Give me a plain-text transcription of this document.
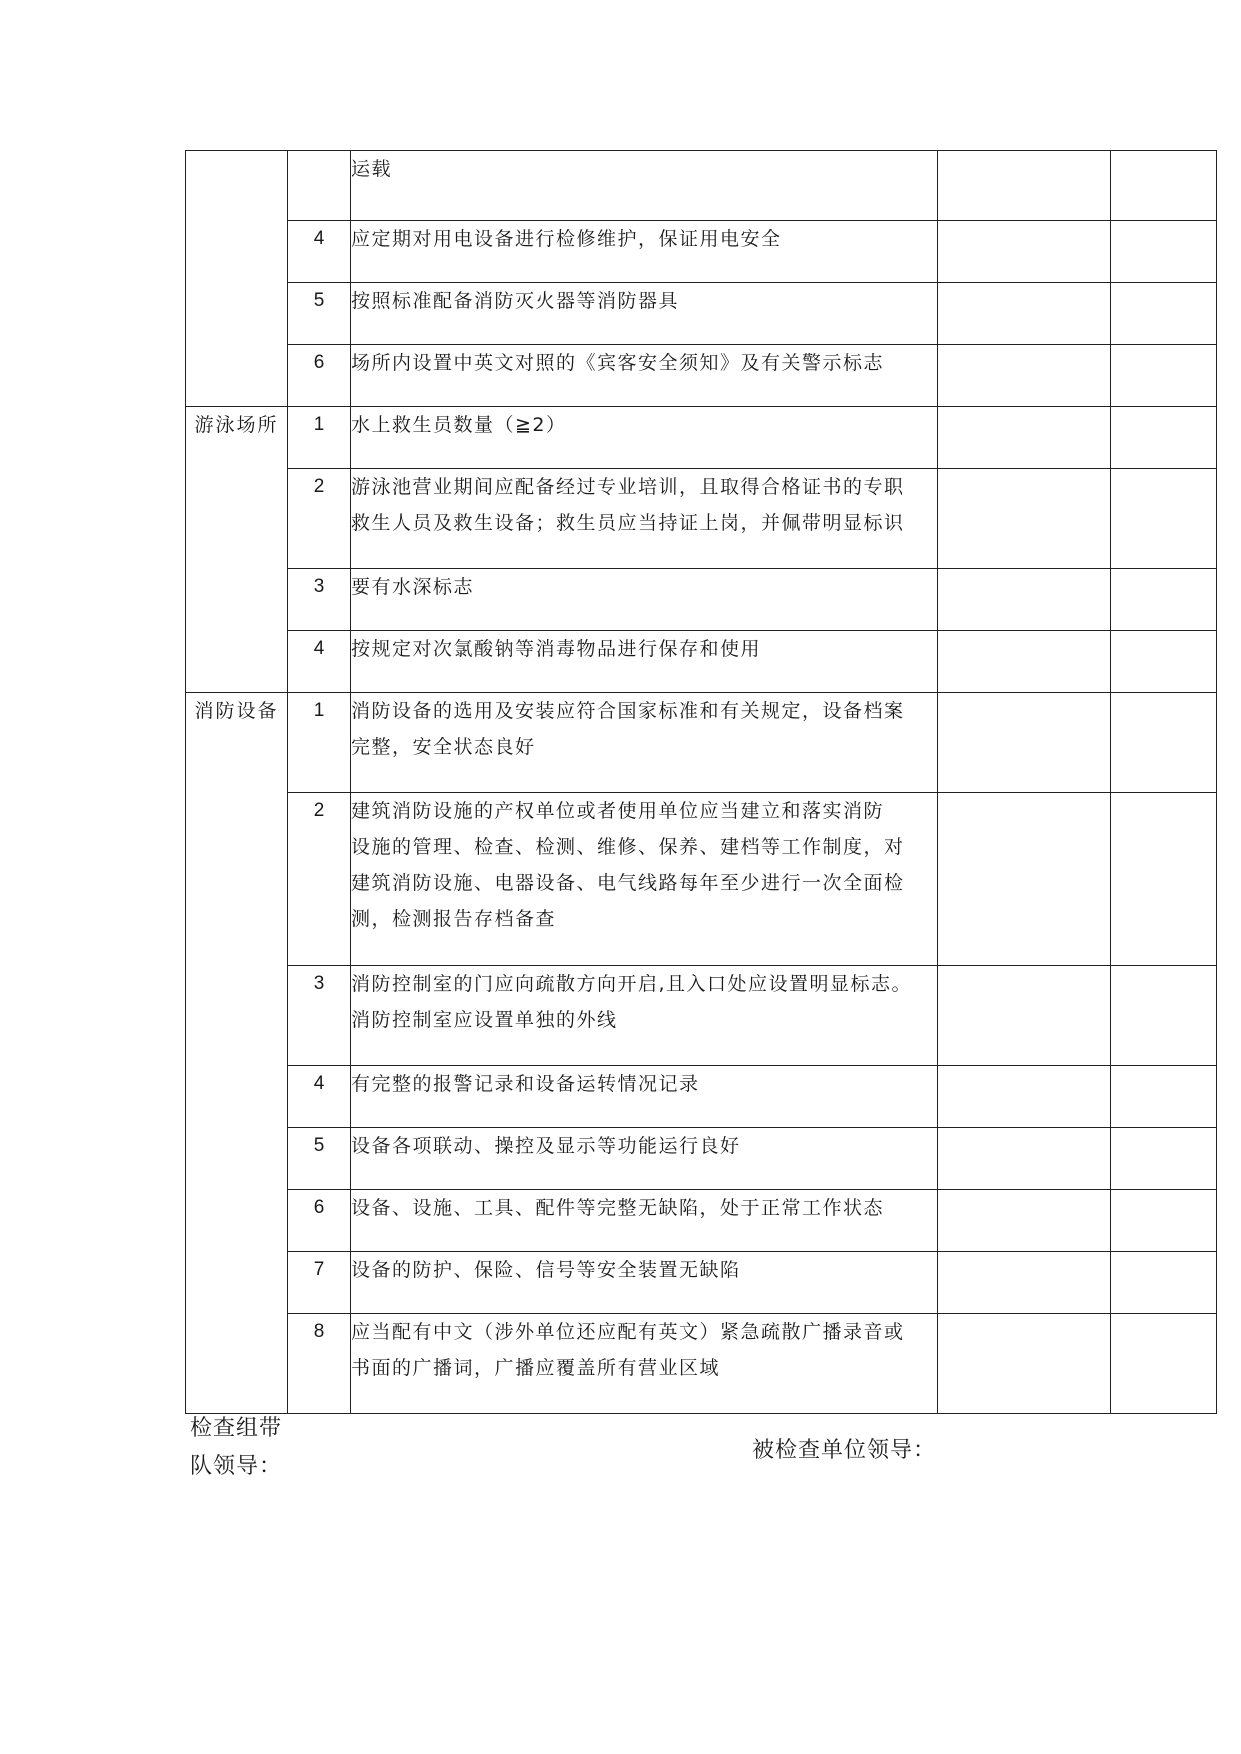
		运载		

	4	应定期对用电设备进行检修维护，保证用电安全		

	5	按照标准配备消防灭火器等消防器具		

	6	场所内设置中英文对照的《宾客安全须知》及有关警示标志		

游泳场所	1	水上救生员数量（≧2）		

	2	游泳池营业期间应配备经过专业培训，且取得合格证书的专职
救生人员及救生设备；救生员应当持证上岗，并佩带明显标识		

	3	要有水深标志		

	4	按规定对次氯酸钠等消毒物品进行保存和使用		

消防设备	1	消防设备的选用及安装应符合国家标准和有关规定，设备档案
完整，安全状态良好		

	2	建筑消防设施的产权单位或者使用单位应当建立和落实消防
设施的管理、检查、检测、维修、保养、建档等工作制度，对
建筑消防设施、电器设备、电气线路每年至少进行一次全面检
测，检测报告存档备查		

	3	消防控制室的门应向疏散方向开启,且入口处应设置明显标志。
消防控制室应设置单独的外线		

	4	有完整的报警记录和设备运转情况记录		

	5	设备各项联动、操控及显示等功能运行良好		

	6	设备、设施、工具、配件等完整无缺陷，处于正常工作状态		

	7	设备的防护、保险、信号等安全装置无缺陷		

	8	应当配有中文（涉外单位还应配有英文）紧急疏散广播录音或
书面的广播词，广播应覆盖所有营业区域		

检查组带
队领导：
被检查单位领导：
